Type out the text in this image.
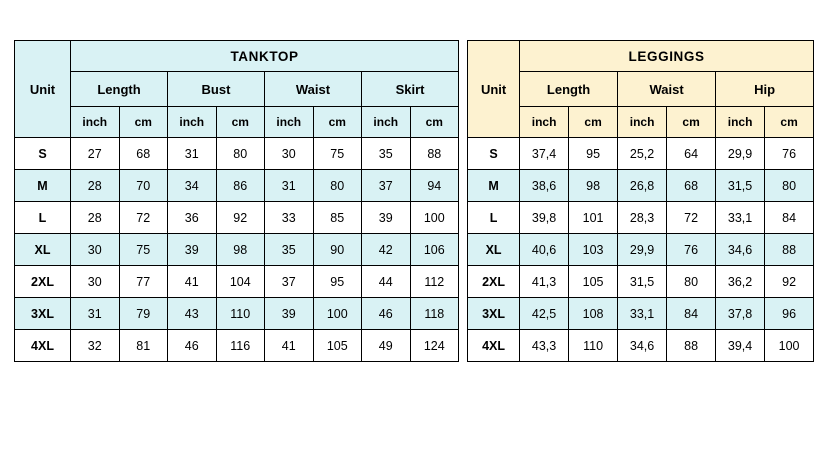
Unit	TANKTOP							
	Length		Bust		Waist		Skirt	
	inch	cm	inch	cm	inch	cm	inch	cm
S	27	68	31	80	30	75	35	88
M	28	70	34	86	31	80	37	94
L	28	72	36	92	33	85	39	100
XL	30	75	39	98	35	90	42	106
2XL	30	77	41	104	37	95	44	112
3XL	31	79	43	110	39	100	46	118
4XL	32	81	46	116	41	105	49	124
Unit	LEGGINGS					
	Length		Waist		Hip	
	inch	cm	inch	cm	inch	cm
S	37,4	95	25,2	64	29,9	76
M	38,6	98	26,8	68	31,5	80
L	39,8	101	28,3	72	33,1	84
XL	40,6	103	29,9	76	34,6	88
2XL	41,3	105	31,5	80	36,2	92
3XL	42,5	108	33,1	84	37,8	96
4XL	43,3	110	34,6	88	39,4	100
